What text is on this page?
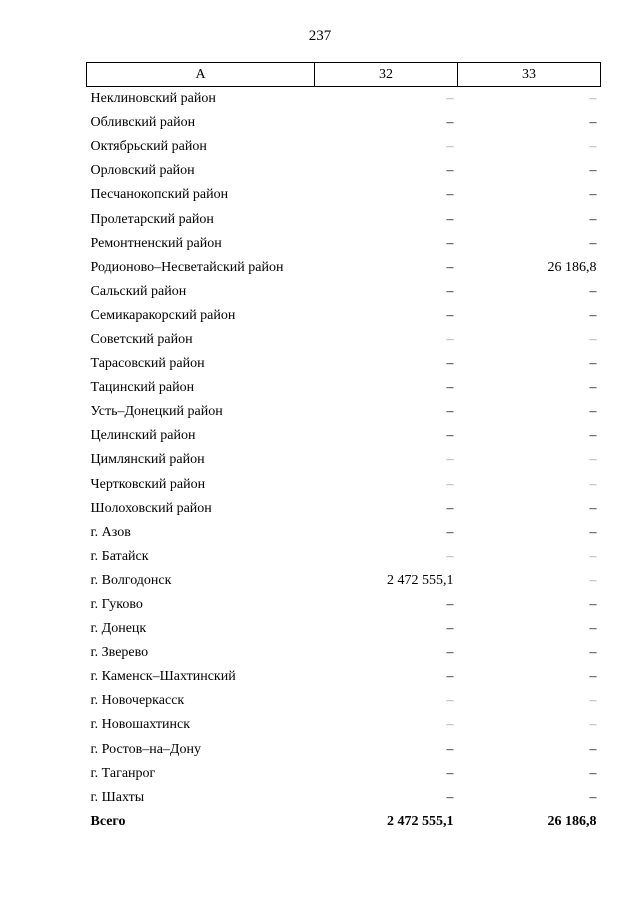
237
А	32	33
Неклиновский район	–	–
Обливский район	–	–
Октябрьский район	–	–
Орловский район	–	–
Песчанокопский район	–	–
Пролетарский район	–	–
Ремонтненский район	–	–
Родионово–Несветайский район	–	26 186,8
Сальский район	–	–
Семикаракорский район	–	–
Советский район	–	–
Тарасовский район	–	–
Тацинский район	–	–
Усть–Донецкий район	–	–
Целинский район	–	–
Цимлянский район	–	–
Чертковский район	–	–
Шолоховский район	–	–
г. Азов	–	–
г. Батайск	–	–
г. Волгодонск	2 472 555,1	–
г. Гуково	–	–
г. Донецк	–	–
г. Зверево	–	–
г. Каменск–Шахтинский	–	–
г. Новочеркасск	–	–
г. Новошахтинск	–	–
г. Ростов–на–Дону	–	–
г. Таганрог	–	–
г. Шахты	–	–
Всего	2 472 555,1	26 186,8
